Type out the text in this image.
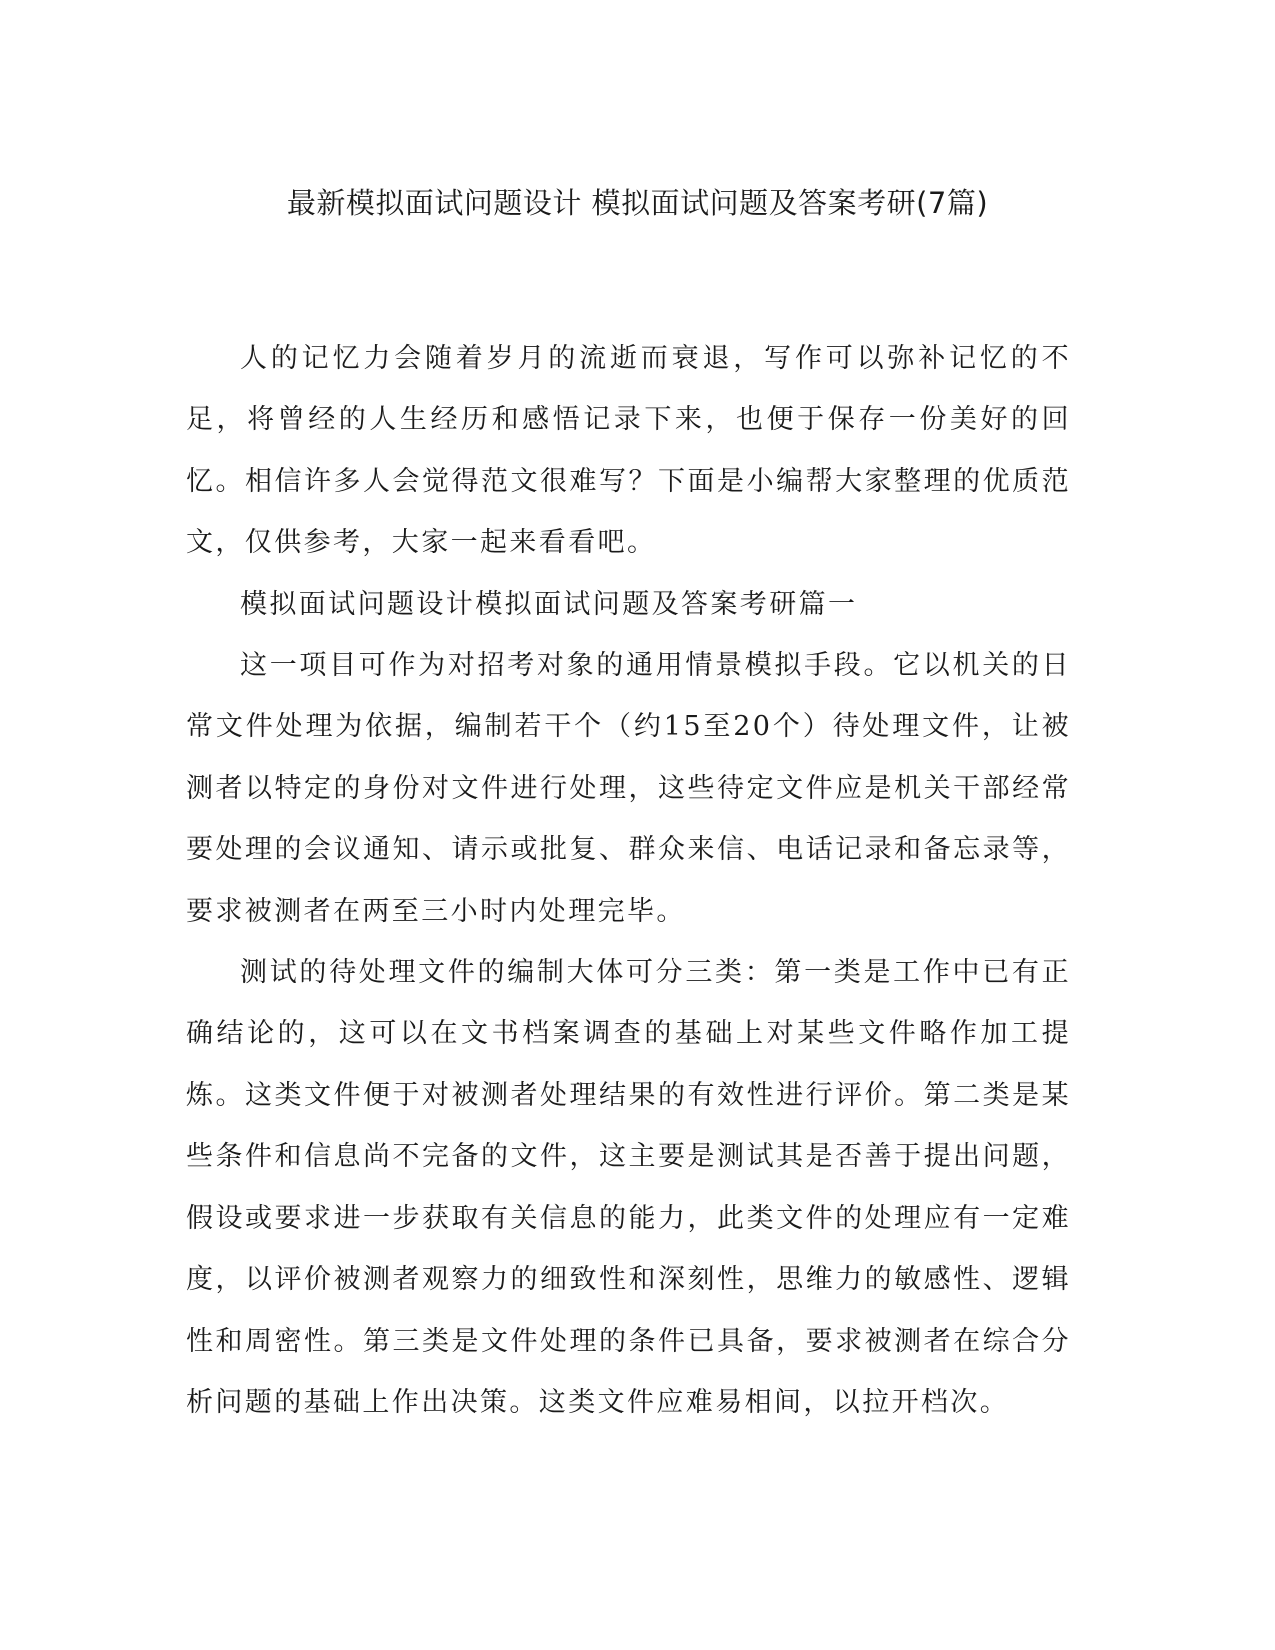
最新模拟面试问题设计 模拟面试问题及答案考研(7篇)

人的记忆力会随着岁月的流逝而衰退，写作可以弥补记忆的不足，将曾经的人生经历和感悟记录下来，也便于保存一份美好的回忆。相信许多人会觉得范文很难写？下面是小编帮大家整理的优质范文，仅供参考，大家一起来看看吧。

模拟面试问题设计模拟面试问题及答案考研篇一

这一项目可作为对招考对象的通用情景模拟手段。它以机关的日常文件处理为依据，编制若干个（约15至20个）待处理文件，让被测者以特定的身份对文件进行处理，这些待定文件应是机关干部经常要处理的会议通知、请示或批复、群众来信、电话记录和备忘录等，要求被测者在两至三小时内处理完毕。

测试的待处理文件的编制大体可分三类：第一类是工作中已有正确结论的，这可以在文书档案调查的基础上对某些文件略作加工提炼。这类文件便于对被测者处理结果的有效性进行评价。第二类是某些条件和信息尚不完备的文件，这主要是测试其是否善于提出问题，假设或要求进一步获取有关信息的能力，此类文件的处理应有一定难度，以评价被测者观察力的细致性和深刻性，思维力的敏感性、逻辑性和周密性。第三类是文件处理的条件已具备，要求被测者在综合分析问题的基础上作出决策。这类文件应难易相间，以拉开档次。
